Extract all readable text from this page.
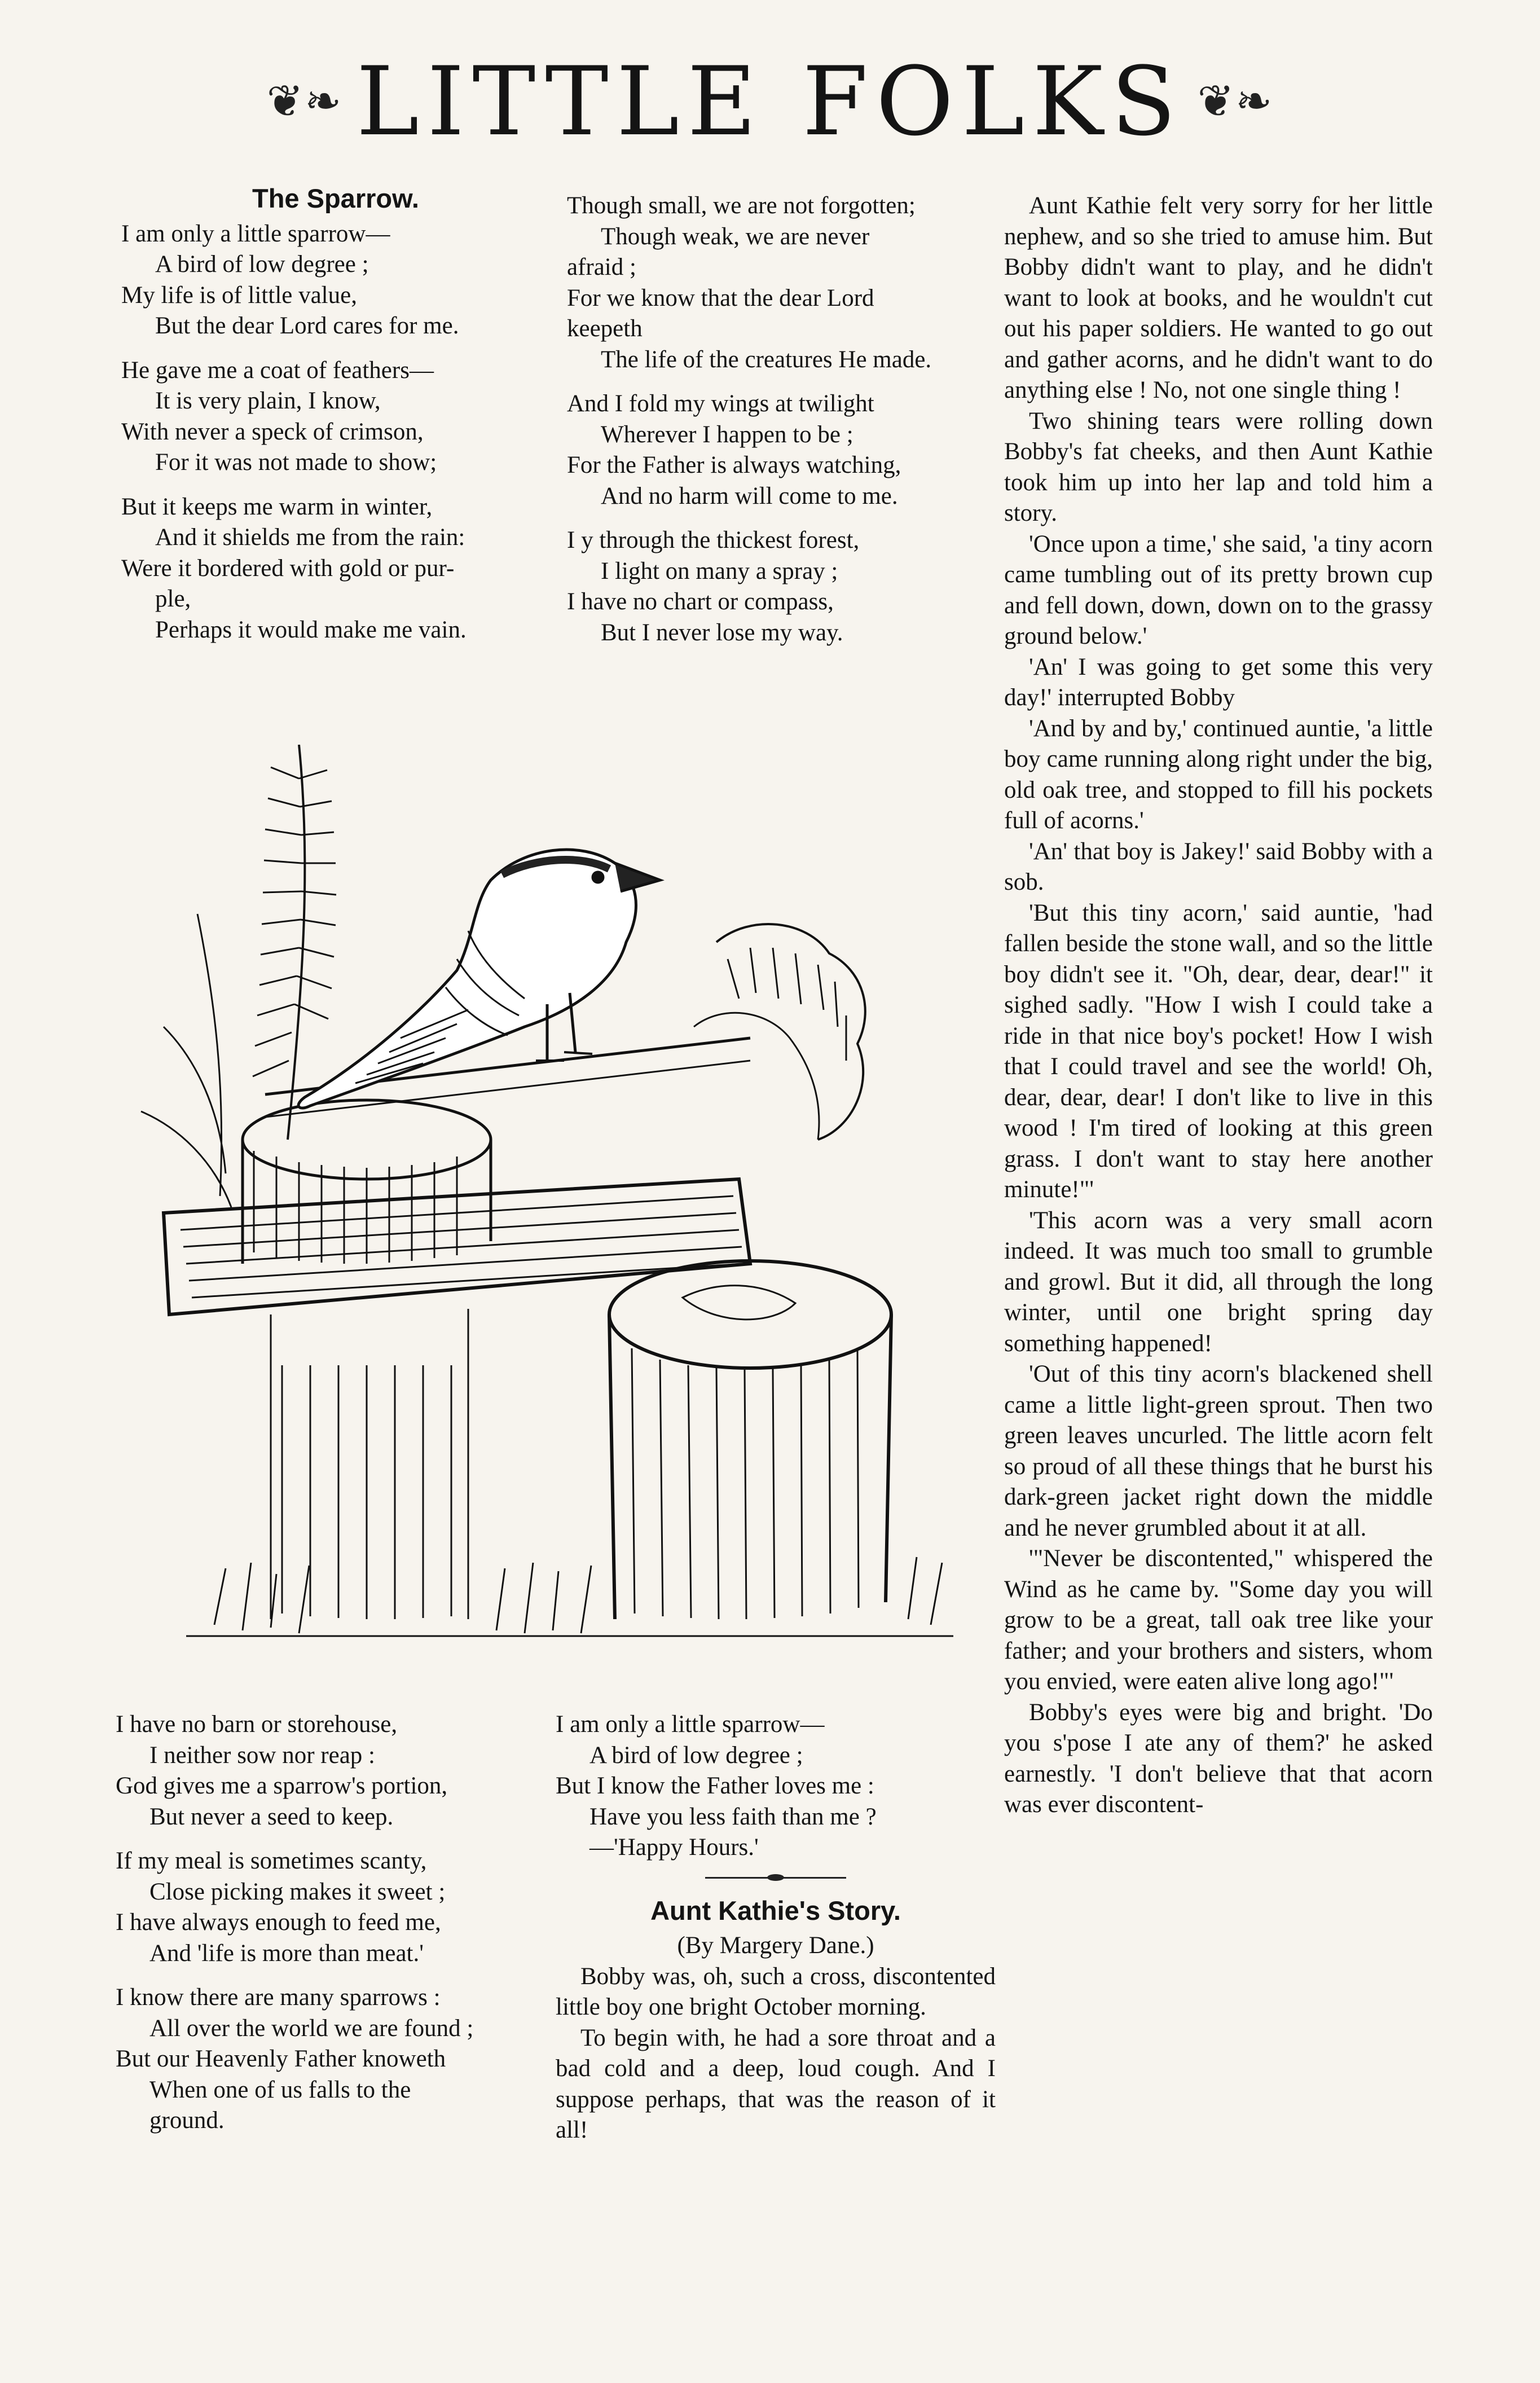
❦❧ LITTLE FOLKS ❦❧
The Sparrow.
I am only a little sparrow—
A bird of low degree ;
My life is of little value,
But the dear Lord cares for me.
He gave me a coat of feathers—
It is very plain, I know,
With never a speck of crimson,
For it was not made to show;
But it keeps me warm in winter,
And it shields me from the rain:
Were it bordered with gold or pur-
ple,
Perhaps it would make me vain.
Though small, we are not forgotten;
Though weak, we are never
afraid ;
For we know that the dear Lord
keepeth
The life of the creatures He made.
And I fold my wings at twilight
Wherever I happen to be ;
For the Father is always watching,
And no harm will come to me.
I y through the thickest forest,
I light on many a spray ;
I have no chart or compass,
But I never lose my way.
I have no barn or storehouse,
I neither sow nor reap :
God gives me a sparrow's portion,
But never a seed to keep.
If my meal is sometimes scanty,
Close picking makes it sweet ;
I have always enough to feed me,
And 'life is more than meat.'
I know there are many sparrows :
All over the world we are found ;
But our Heavenly Father knoweth
When one of us falls to the
ground.
I am only a little sparrow—
A bird of low degree ;
But I know the Father loves me :
Have you less faith than me ?
—'Happy Hours.'
Aunt Kathie's Story.
(By Margery Dane.)

Bobby was, oh, such a cross, discontented little boy one bright October morning.

To begin with, he had a sore throat and a bad cold and a deep, loud cough. And I suppose perhaps, that was the reason of it all!

Aunt Kathie felt very sorry for her little nephew, and so she tried to amuse him. But Bobby didn't want to play, and he didn't want to look at books, and he wouldn't cut out his paper soldiers. He wanted to go out and gather acorns, and he didn't want to do anything else ! No, not one single thing !

Two shining tears were rolling down Bobby's fat cheeks, and then Aunt Kathie took him up into her lap and told him a story.

'Once upon a time,' she said, 'a tiny acorn came tumbling out of its pretty brown cup and fell down, down, down on to the grassy ground below.'

'An' I was going to get some this very day!' interrupted Bobby

'And by and by,' continued auntie, 'a little boy came running along right under the big, old oak tree, and stopped to fill his pockets full of acorns.'

'An' that boy is Jakey!' said Bobby with a sob.

'But this tiny acorn,' said auntie, 'had fallen beside the stone wall, and so the little boy didn't see it. "Oh, dear, dear, dear!" it sighed sadly. "How I wish I could take a ride in that nice boy's pocket! How I wish that I could travel and see the world! Oh, dear, dear, dear! I don't like to live in this wood ! I'm tired of looking at this green grass. I don't want to stay here another minute!"'

'This acorn was a very small acorn indeed. It was much too small to grumble and growl. But it did, all through the long winter, until one bright spring day something happened!

'Out of this tiny acorn's blackened shell came a little light-green sprout. Then two green leaves uncurled. The little acorn felt so proud of all these things that he burst his dark-green jacket right down the middle and he never grumbled about it at all.

'"Never be discontented," whispered the Wind as he came by. "Some day you will grow to be a great, tall oak tree like your father; and your brothers and sisters, whom you envied, were eaten alive long ago!"'

Bobby's eyes were big and bright. 'Do you s'pose I ate any of them?' he asked earnestly. 'I don't believe that that acorn was ever discontent-
